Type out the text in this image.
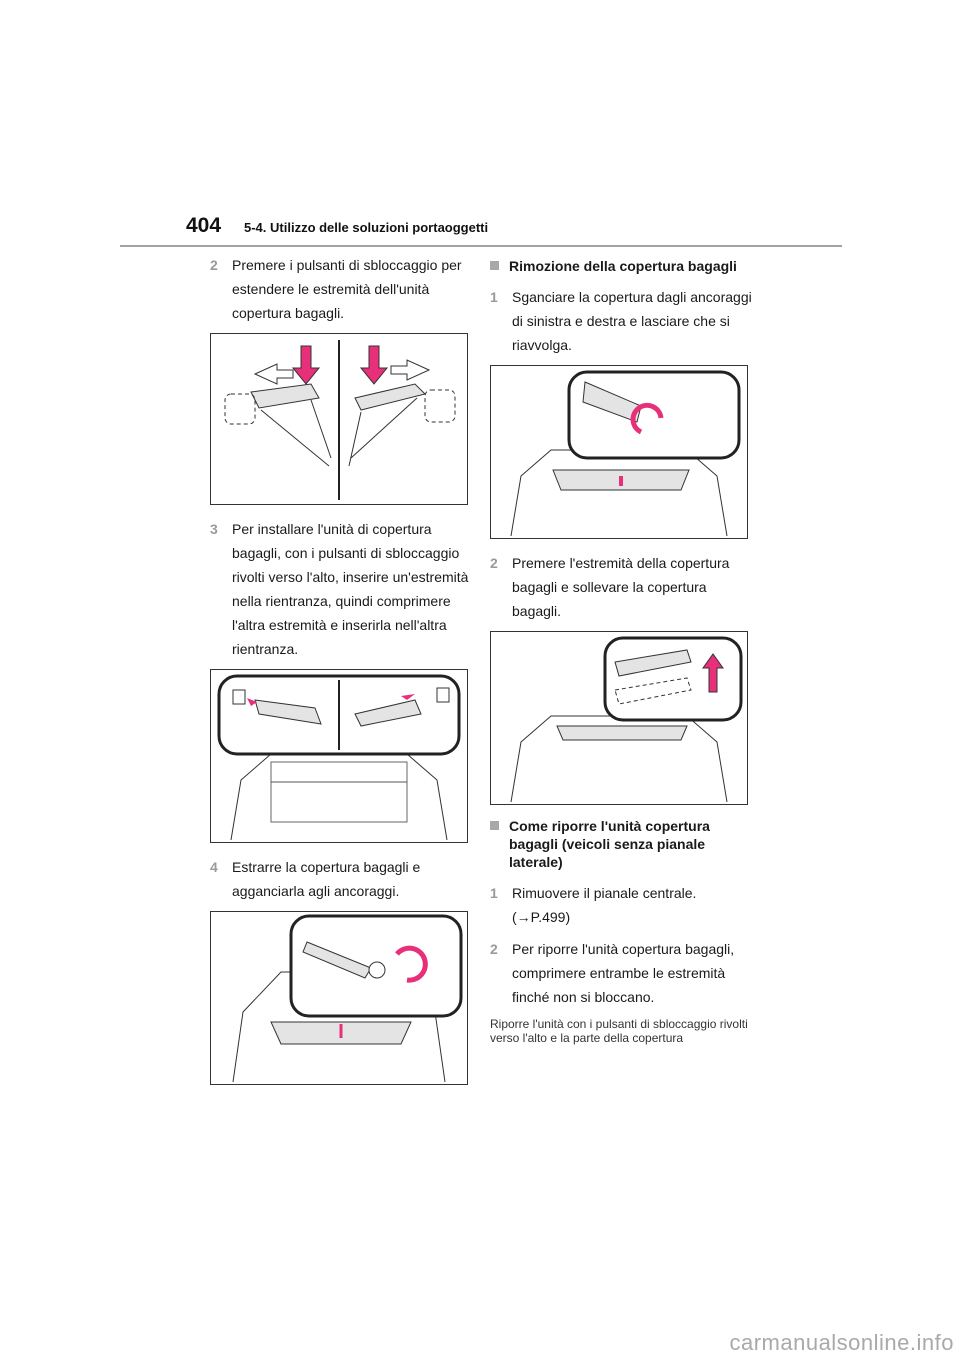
404 5-4. Utilizzo delle soluzioni portaoggetti
2	Premere i pulsanti di sbloccaggio per estendere le estremità dell'unità copertura bagagli.
3	Per installare l'unità di copertura bagagli, con i pulsanti di sbloccaggio rivolti verso l'alto, inserire un'estremità nella rientranza, quindi comprimere l'altra estremità e inserirla nell'altra rientranza.
4	Estrarre la copertura bagagli e agganciarla agli ancoraggi.
Rimozione della copertura bagagli
1	Sganciare la copertura dagli ancoraggi di sinistra e destra e lasciare che si riavvolga.
2	Premere l'estremità della copertura bagagli e sollevare la copertura bagagli.
Come riporre l'unità copertura bagagli (veicoli senza pianale laterale)
1	Rimuovere il pianale centrale. (→P.499)
2	Per riporre l'unità copertura bagagli, comprimere entrambe le estremità finché non si bloccano.
Riporre l'unità con i pulsanti di sbloccaggio rivolti verso l'alto e la parte della copertura
carmanualsonline.info
